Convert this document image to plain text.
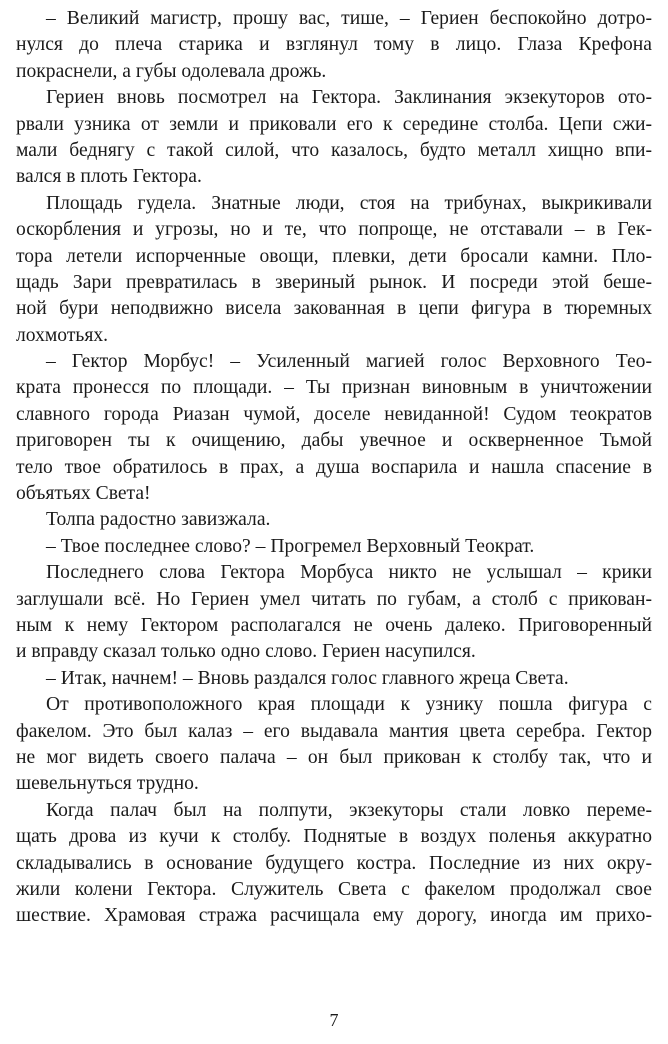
– Великий магистр, прошу вас, тише, – Гериен беспокойно дотро-
нулся до плеча старика и взглянул тому в лицо. Глаза Крефона
покраснели, а губы одолевала дрожь.
Гериен вновь посмотрел на Гектора. Заклинания экзекуторов ото-
рвали узника от земли и приковали его к середине столба. Цепи сжи-
мали беднягу с такой силой, что казалось, будто металл хищно впи-
вался в плоть Гектора.
Площадь гудела. Знатные люди, стоя на трибунах, выкрикивали
оскорбления и угрозы, но и те, что попроще, не отставали – в Гек-
тора летели испорченные овощи, плевки, дети бросали камни. Пло-
щадь Зари превратилась в звериный рынок. И посреди этой беше-
ной бури неподвижно висела закованная в цепи фигура в тюремных
лохмотьях.
– Гектор Морбус! – Усиленный магией голос Верховного Тео-
крата пронесся по площади. – Ты признан виновным в уничтожении
славного города Риазан чумой, доселе невиданной! Судом теократов
приговорен ты к очищению, дабы увечное и оскверненное Тьмой
тело твое обратилось в прах, а душа воспарила и нашла спасение в
объятьях Света!
Толпа радостно завизжала.
– Твое последнее слово? – Прогремел Верховный Теократ.
Последнего слова Гектора Морбуса никто не услышал – крики
заглушали всё. Но Гериен умел читать по губам, а столб с прикован-
ным к нему Гектором располагался не очень далеко. Приговоренный
и вправду сказал только одно слово. Гериен насупился.
– Итак, начнем! – Вновь раздался голос главного жреца Света.
От противоположного края площади к узнику пошла фигура с
факелом. Это был калаз – его выдавала мантия цвета серебра. Гектор
не мог видеть своего палача – он был прикован к столбу так, что и
шевельнуться трудно.
Когда палач был на полпути, экзекуторы стали ловко переме-
щать дрова из кучи к столбу. Поднятые в воздух поленья аккуратно
складывались в основание будущего костра. Последние из них окру-
жили колени Гектора. Служитель Света с факелом продолжал свое
шествие. Храмовая стража расчищала ему дорогу, иногда им прихо-
7
